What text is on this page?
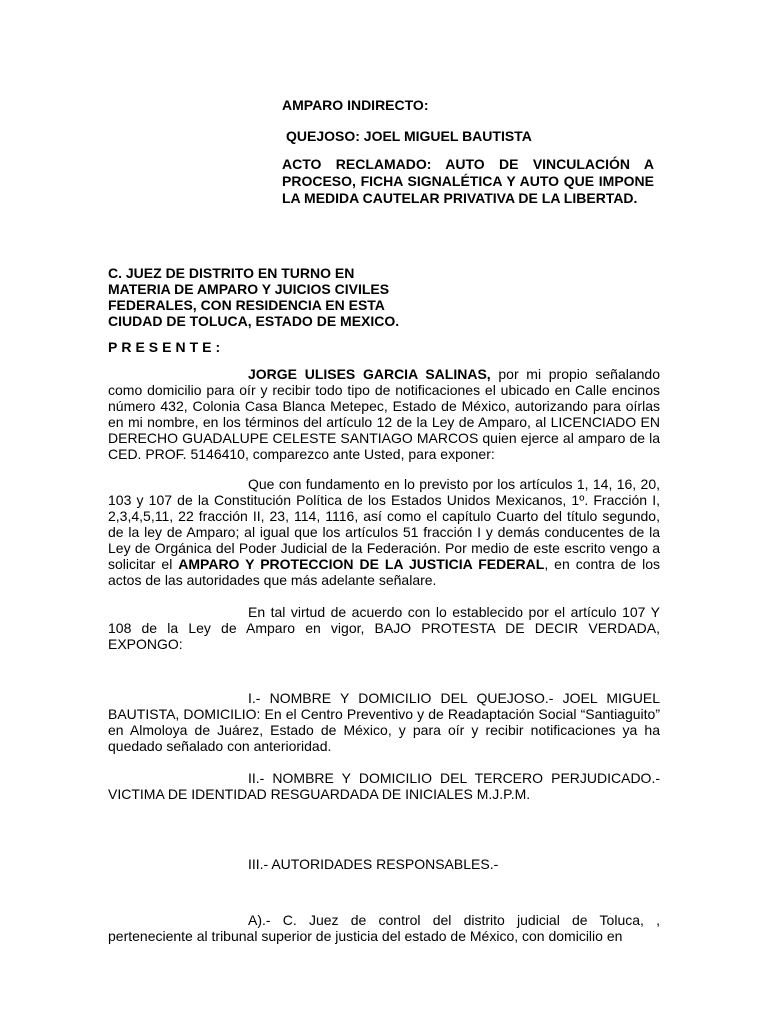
AMPARO INDIRECTO:
QUEJOSO: JOEL MIGUEL BAUTISTA
ACTO RECLAMADO: AUTO DE VINCULACIÓN A PROCESO, FICHA SIGNALÉTICA Y AUTO QUE IMPONE LA MEDIDA CAUTELAR PRIVATIVA DE LA LIBERTAD.
C. JUEZ DE DISTRITO EN TURNO EN
MATERIA DE AMPARO Y JUICIOS CIVILES
FEDERALES, CON RESIDENCIA EN ESTA
CIUDAD DE TOLUCA, ESTADO DE MEXICO.
PRESENTE:
JORGE ULISES GARCIA SALINAS, por mi propio señalando como domicilio para oír y recibir todo tipo de notificaciones el ubicado en Calle encinos número 432, Colonia Casa Blanca Metepec, Estado de México, autorizando para oírlas en mi nombre, en los términos del artículo 12 de la Ley de Amparo, al LICENCIADO EN DERECHO GUADALUPE CELESTE SANTIAGO MARCOS quien ejerce al amparo de la CED. PROF. 5146410, comparezco ante Usted, para exponer:
Que con fundamento en lo previsto por los artículos 1, 14, 16, 20, 103 y 107 de la Constitución Política de los Estados Unidos Mexicanos, 1º. Fracción I, 2,3,4,5,11, 22 fracción II, 23, 114, 1116, así como el capítulo Cuarto del título segundo, de la ley de Amparo; al igual que los artículos 51 fracción I y demás conducentes de la Ley de Orgánica del Poder Judicial de la Federación. Por medio de este escrito vengo a solicitar el AMPARO Y PROTECCION DE LA JUSTICIA FEDERAL, en contra de los actos de las autoridades que más adelante señalare.
En tal virtud de acuerdo con lo establecido por el artículo 107 Y 108 de la Ley de Amparo en vigor, BAJO PROTESTA DE DECIR VERDADA, EXPONGO:
I.- NOMBRE Y DOMICILIO DEL QUEJOSO.- JOEL MIGUEL BAUTISTA, DOMICILIO: En el Centro Preventivo y de Readaptación Social “Santiaguito” en Almoloya de Juárez, Estado de México, y para oír y recibir notificaciones ya ha quedado señalado con anterioridad.
II.- NOMBRE Y DOMICILIO DEL TERCERO PERJUDICADO.- VICTIMA DE IDENTIDAD RESGUARDADA DE INICIALES M.J.P.M.
III.- AUTORIDADES RESPONSABLES.-
A).- C. Juez de control del distrito judicial de Toluca, , perteneciente al tribunal superior de justicia del estado de México, con domicilio en
